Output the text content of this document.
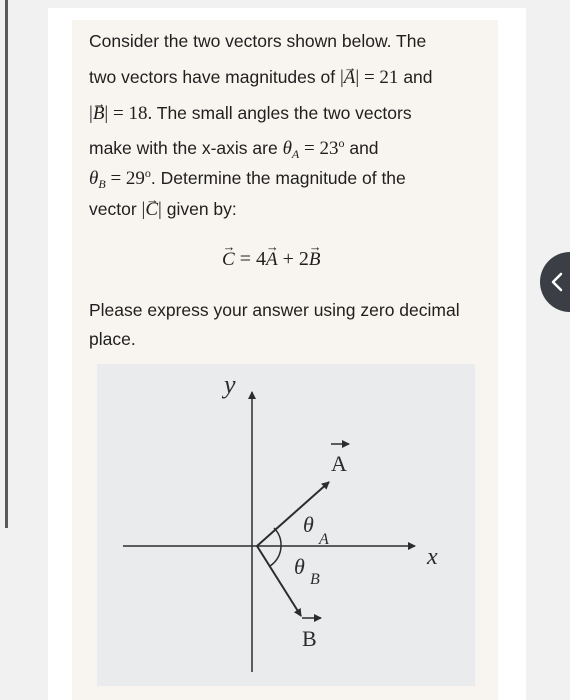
Consider the two vectors shown below. The
two vectors have magnitudes of |→ A| = 21 and
|→ B| = 18. The small angles the two vectors
make with the x-axis are $\theta_A = 23^o$ and
$\theta_B = 29^o$. Determine the magnitude of the
vector |→ C| given by:
→ C = 4→ A + 2→ B
Please express your answer using zero decimal
place.
y
x
A
B
θ
A
θ
B
